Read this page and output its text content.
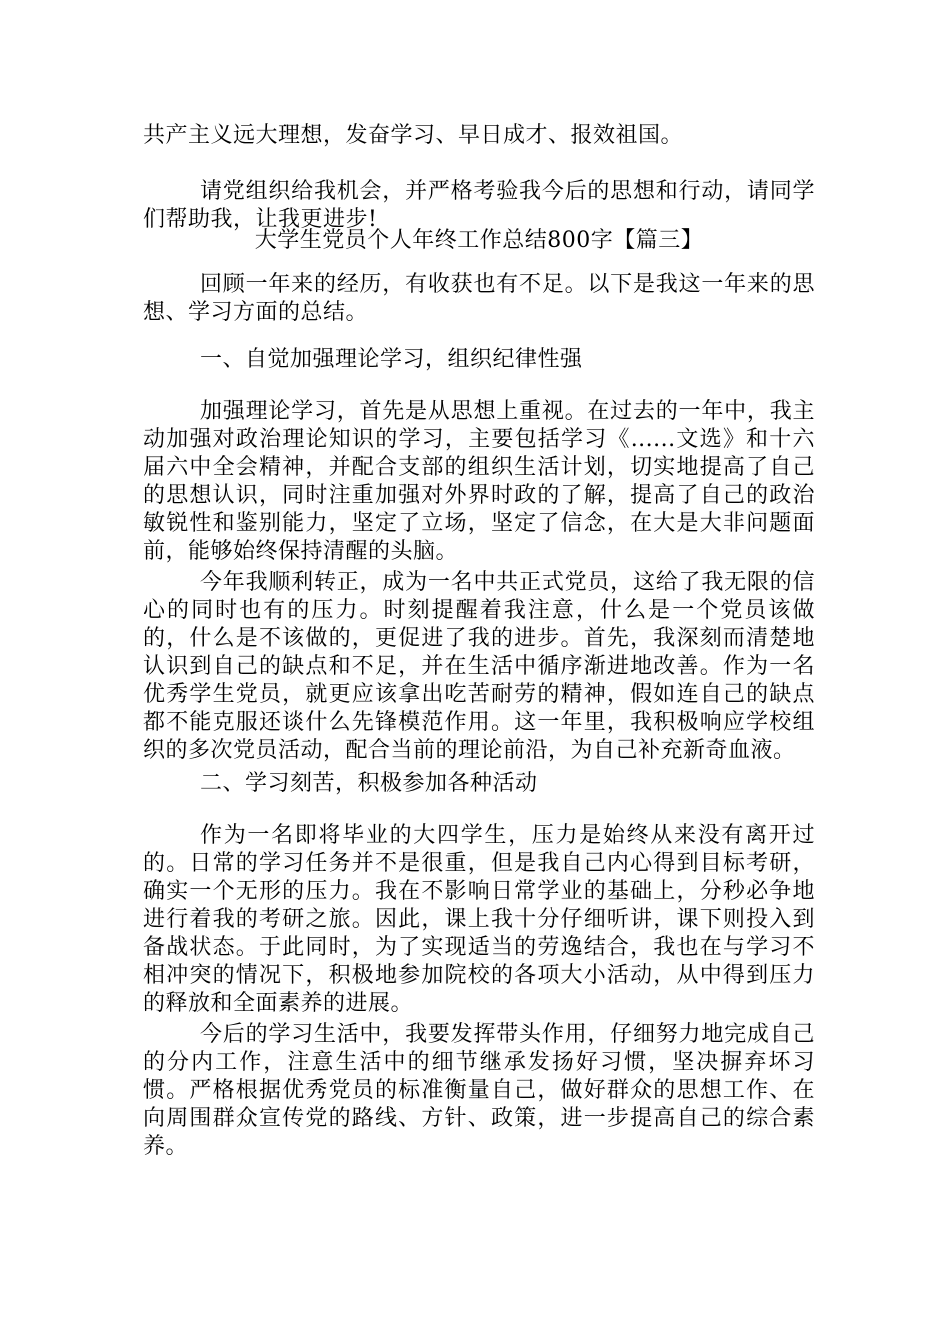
共产主义远大理想，发奋学习、早日成才、报效祖国。

请党组织给我机会，并严格考验我今后的思想和行动，请同学们帮助我，让我更进步!

大学生党员个人年终工作总结800字【篇三】

回顾一年来的经历，有收获也有不足。以下是我这一年来的思想、学习方面的总结。

一、自觉加强理论学习，组织纪律性强

加强理论学习，首先是从思想上重视。在过去的一年中，我主动加强对政治理论知识的学习，主要包括学习《......文选》和十六届六中全会精神，并配合支部的组织生活计划，切实地提高了自己的思想认识，同时注重加强对外界时政的了解，提高了自己的政治敏锐性和鉴别能力，坚定了立场，坚定了信念，在大是大非问题面前，能够始终保持清醒的头脑。

今年我顺利转正，成为一名中共正式党员，这给了我无限的信心的同时也有的压力。时刻提醒着我注意，什么是一个党员该做的，什么是不该做的，更促进了我的进步。首先，我深刻而清楚地认识到自己的缺点和不足，并在生活中循序渐进地改善。作为一名优秀学生党员，就更应该拿出吃苦耐劳的精神，假如连自己的缺点都不能克服还谈什么先锋模范作用。这一年里，我积极响应学校组织的多次党员活动，配合当前的理论前沿，为自己补充新奇血液。

二、学习刻苦，积极参加各种活动

作为一名即将毕业的大四学生，压力是始终从来没有离开过的。日常的学习任务并不是很重，但是我自己内心得到目标考研，确实一个无形的压力。我在不影响日常学业的基础上，分秒必争地进行着我的考研之旅。因此，课上我十分仔细听讲，课下则投入到备战状态。于此同时，为了实现适当的劳逸结合，我也在与学习不相冲突的情况下，积极地参加院校的各项大小活动，从中得到压力的释放和全面素养的进展。

今后的学习生活中，我要发挥带头作用，仔细努力地完成自己的分内工作，注意生活中的细节继承发扬好习惯，坚决摒弃坏习惯。严格根据优秀党员的标准衡量自己，做好群众的思想工作、在向周围群众宣传党的路线、方针、政策，进一步提高自己的综合素养。
